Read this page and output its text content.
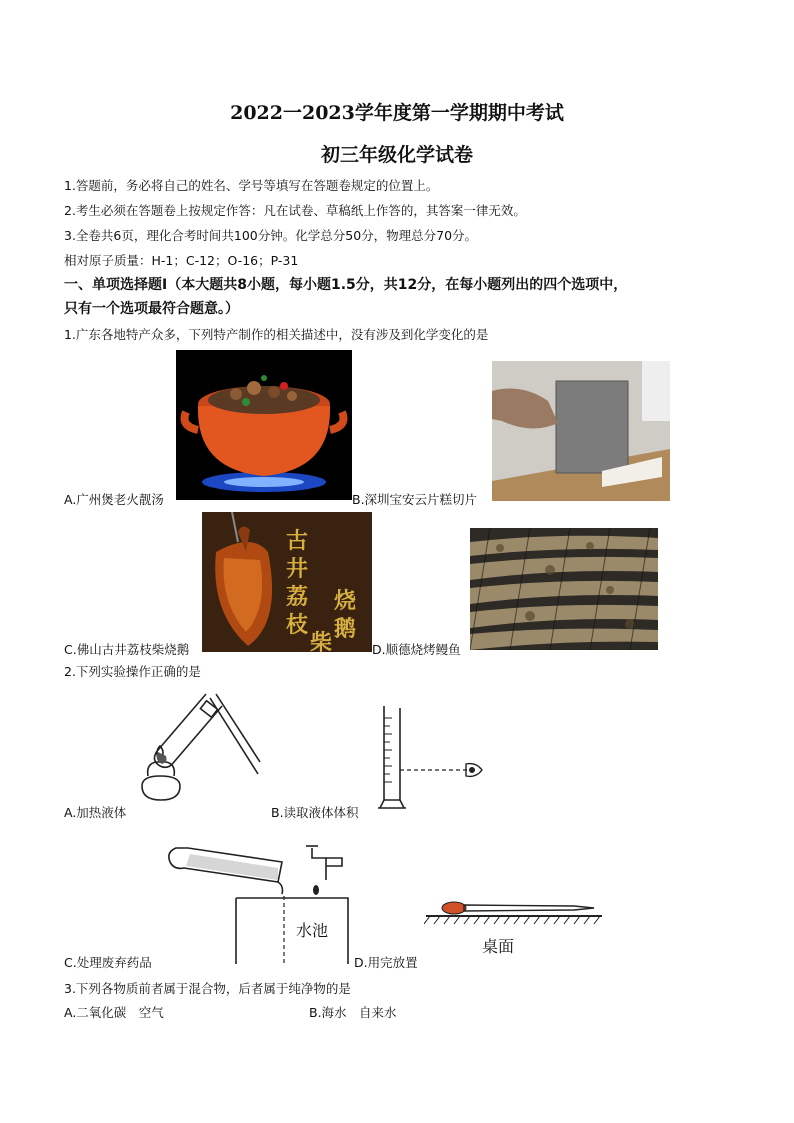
2022一2023学年度第一学期期中考试
初三年级化学试卷
1.答题前，务必将自己的姓名、学号等填写在答题卷规定的位置上。
2.考生必须在答题卷上按规定作答：凡在试卷、草稿纸上作答的，其答案一律无效。
3.全卷共6页，理化合考时间共100分钟。化学总分50分，物理总分70分。
相对原子质量：H-1；C-12；O-16；P-31
一、单项选择题Ⅰ（本大题共8小题，每小题1.5分，共12分，在每小题列出的四个选项中，
只有一个选项最符合题意。）
1.广东各地特产众多，下列特产制作的相关描述中，没有涉及到化学变化的是
A.广州煲老火靓汤	B.深圳宝安云片糕切片
古
井
荔
枝
柴
烧
鹅
C.佛山古井荔枝柴烧鹅	D.顺德烧烤鳗鱼
2.下列实验操作正确的是
A.加热液体	B.读取液体体积
水池
C.处理废弃药品
桌面
D.用完放置
3.下列各物质前者属于混合物，后者属于纯净物的是
A.二氧化碳　空气	B.海水　自来水
